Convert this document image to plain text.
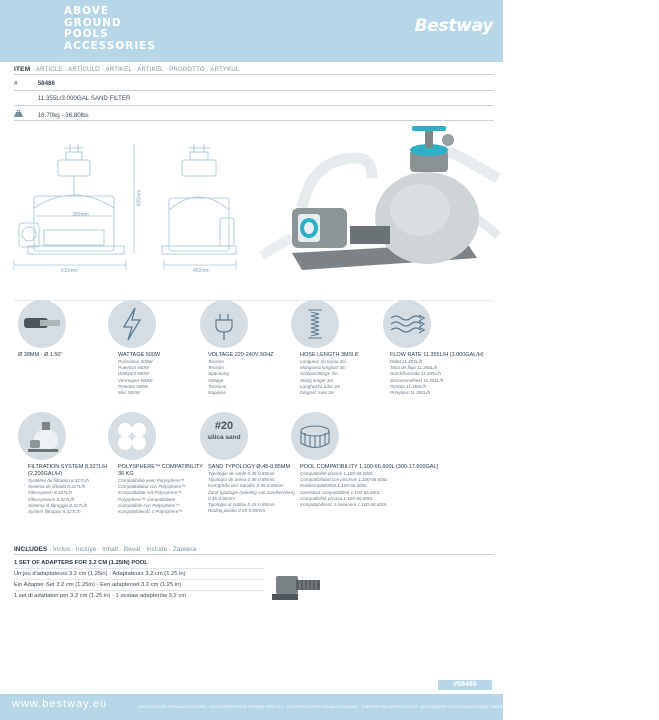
ABOVE
GROUND
POOLS
ACCESSORIES
Bestway
ITEM · ARTICLE · ARTÍCULO · ARTIKEL · ARTIKEL · PRODOTTO · ARTYKUL
#	58486
11.355L/3.000GAL SAND FILTER
16.70kg - 36.80lbs
385mm
610mm
655mm
482mm
Ø 38MM - Ø 1.50"	WATTAGE 500W
Puissance 500W
Potencia 500W
Wattzahl 500W
Vermogen 500W
Potenza 500W
Moc 500W
VOLTAGE 220-240V 50HZ
Tension
Tensión
Spannung
Voltage
Tensione
Napięcie
HOSE LENGTH 3M/9.8'
Longueur du tuyau 3m
Manguera longitud 3m
Schlauchlänge 3m
Slang lengte 3m
Lunghezza tubo 3m
Długość rurki 3m
FLOW RATE 11.355L/H (3.000GAL/H)
Débit 11.355L/h
Tasa de flujo 11.355L/h
Durchflussrate 11.355L/h
Stroomsnelheid 11.355L/h
Portata 11.355L/h
Przepływ 11.355L/h
#20
silica sand
FILTRATION SYSTEM 8.327L/H (2.200GAL/H)
Système de filtration 8.327L/h
Sistema de filtrado 8.327L/h
Filtersystem 8.327L/h
Filtersysteem 8.327L/h
Sistema di filtraggio 8.327L/h
System filtrujący 8.327L/h
POLYSPHERE™ COMPATIBILITY 36 KG
Compatibilité avec Polysphere™
Compatibilidad con Polysphere™
Kompatibilität mit Polysphere™
Polysphere™-compatibiliteit
Compatibile con Polysphere™
Kompatybilność z Polysphere™
SAND TYPOLOGY Ø.45-0.85MM
Typologie de sable 0.45-0.85mm
Tipología de arena 0.45-0.85mm
Korngröße des Sandes 0.45-0.85mm
Zand typologie (indeling van zandkorrelen) 0.45-0.85mm
Tipologia di sabbia 0.45-0.85mm
Rodzaj piasku 0.45-0.85mm
POOL COMPATIBILITY 1.100-66.600L (300-17.600GAL)
Compatibilité piscine 1.100-66.600L
Compatibilidad con piscinas 1.100-66.600L
Poolkompatibilität 1.100-66.600L
Zwembad compatibiliteit 1.100-66.600L
Compatibilità piscina 1.100-66.600L
Kompatybilność z basenem 1.100-66.600L
INCLUDES · Inclus · Incluye · Inhalt · Bevat · Include · Zawiera
1 SET OF ADAPTERS FOR 3.2 CM (1.25IN) POOL
Un jeu d'adaptateurs 3.2 cm (1.25in) - Adaptateurs 3.2 cm (1.25 in)
Ein Adapter-Set 3.2 cm (1.25in) - Een adapterset 3.2 cm (1.25 in)
1 set di adattatori per 3.2 cm (1.25 in) - 1 zestaw adapterów 3,2 cm
#58486
www.bestway.eu	ABOVE GROUND POOLS ACCESSORIES · ACCESSOIRES POUR PISCINES HORS-SOL · ACCESORIOS PARA PISCINAS ELEVADAS · ZUBEHÖR FÜR AUFSTELLPOOLS · ACCESSOIRES VOOR BOVENGRONDSE ZWEMBADEN · ACCESSORI PER PISCINE FUORI TERRA · AKCESORIA DO BASENÓW NAZIEMNYCH
